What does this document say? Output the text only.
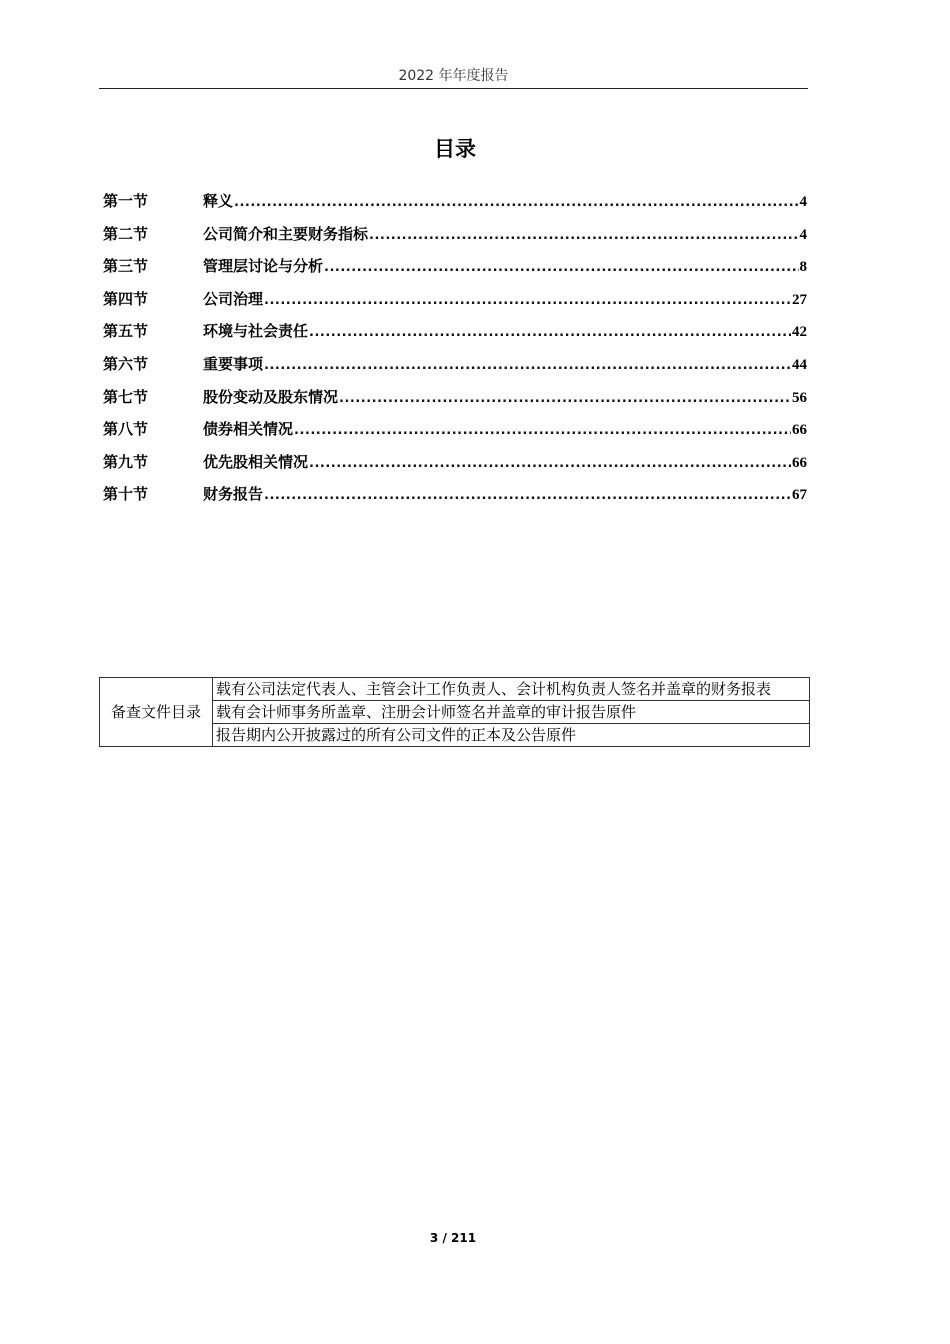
2022 年年度报告
目录
第一节	释义 .....	4
第二节	公司简介和主要财务指标 .....	4
第三节	管理层讨论与分析 .....	8
第四节	公司治理 .....	27
第五节	环境与社会责任 .....	42
第六节	重要事项 .....	44
第七节	股份变动及股东情况 .....	56
第八节	债券相关情况 .....	66
第九节	优先股相关情况 .....	66
第十节	财务报告 .....	67
备查文件目录	载有公司法定代表人、主管会计工作负责人、会计机构负责人签名并盖章的财务报表
载有会计师事务所盖章、注册会计师签名并盖章的审计报告原件
报告期内公开披露过的所有公司文件的正本及公告原件
3 / 211
